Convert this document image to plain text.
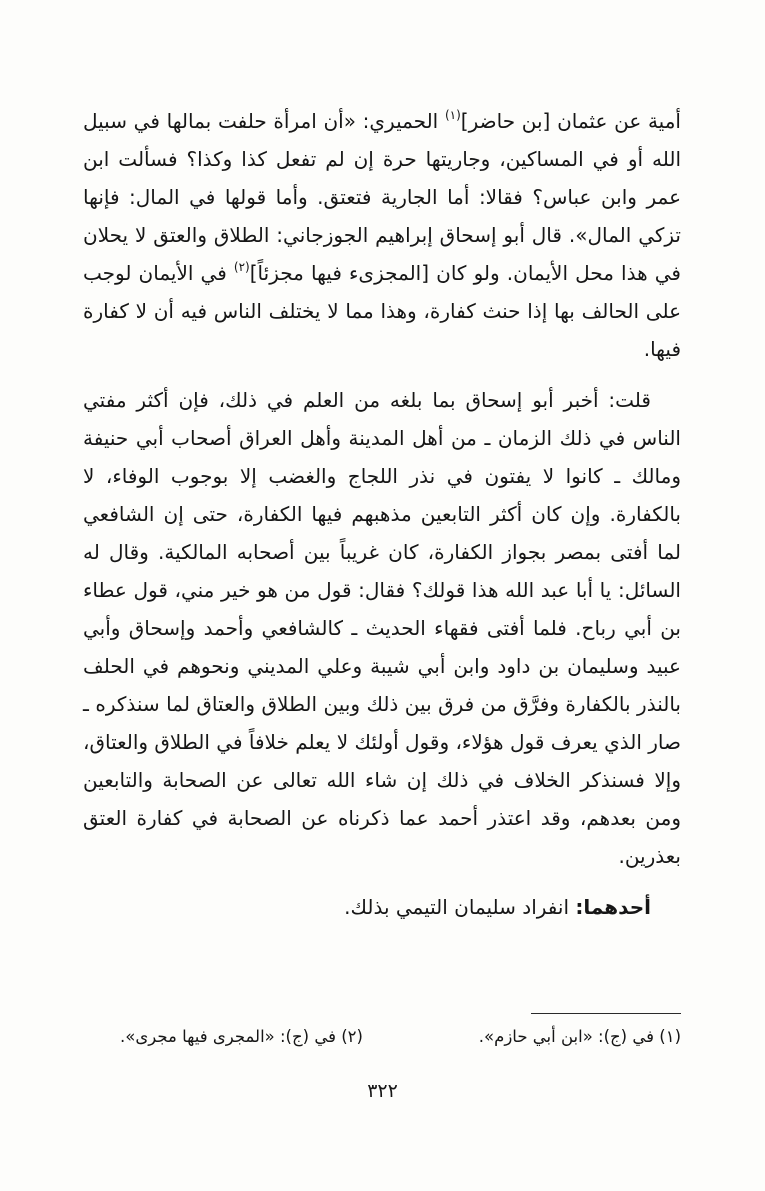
أمية عن عثمان [بن حاضر]$^{(١)}$ الحميري: «أن امرأة حلفت بمالها في سبيل الله أو في المساكين، وجاريتها حرة إن لم تفعل كذا وكذا؟ فسألت ابن عمر وابن عباس؟ فقالا: أما الجارية فتعتق. وأما قولها في المال: فإنها تزكي المال». قال أبو إسحاق إبراهيم الجوزجاني: الطلاق والعتق لا يحلان في هذا محل الأيمان. ولو كان [المجزىء فيها مجزئاً]$^{(٢)}$ في الأيمان لوجب على الحالف بها إذا حنث كفارة، وهذا مما لا يختلف الناس فيه أن لا كفارة فيها.

قلت: أخبر أبو إسحاق بما بلغه من العلم في ذلك، فإن أكثر مفتي الناس في ذلك الزمان ـ من أهل المدينة وأهل العراق أصحاب أبي حنيفة ومالك ـ كانوا لا يفتون في نذر اللجاج والغضب إلا بوجوب الوفاء، لا بالكفارة. وإن كان أكثر التابعين مذهبهم فيها الكفارة، حتى إن الشافعي لما أفتى بمصر بجواز الكفارة، كان غريباً بين أصحابه المالكية. وقال له السائل: يا أبا عبد الله هذا قولك؟ فقال: قول من هو خير مني، قول عطاء بن أبي رباح. فلما أفتى فقهاء الحديث ـ كالشافعي وأحمد وإسحاق وأبي عبيد وسليمان بن داود وابن أبي شيبة وعلي المديني ونحوهم في الحلف بالنذر بالكفارة وفرَّق من فرق بين ذلك وبين الطلاق والعتاق لما سنذكره ـ صار الذي يعرف قول هؤلاء، وقول أولئك لا يعلم خلافاً في الطلاق والعتاق، وإلا فسنذكر الخلاف في ذلك إن شاء الله تعالى عن الصحابة والتابعين ومن بعدهم، وقد اعتذر أحمد عما ذكرناه عن الصحابة في كفارة العتق بعذرين.

أحدهما: انفراد سليمان التيمي بذلك.

(١) في (ج): «ابن أبي حازم».
(٢) في (ج): «المجرى فيها مجرى».
٣٢٢
